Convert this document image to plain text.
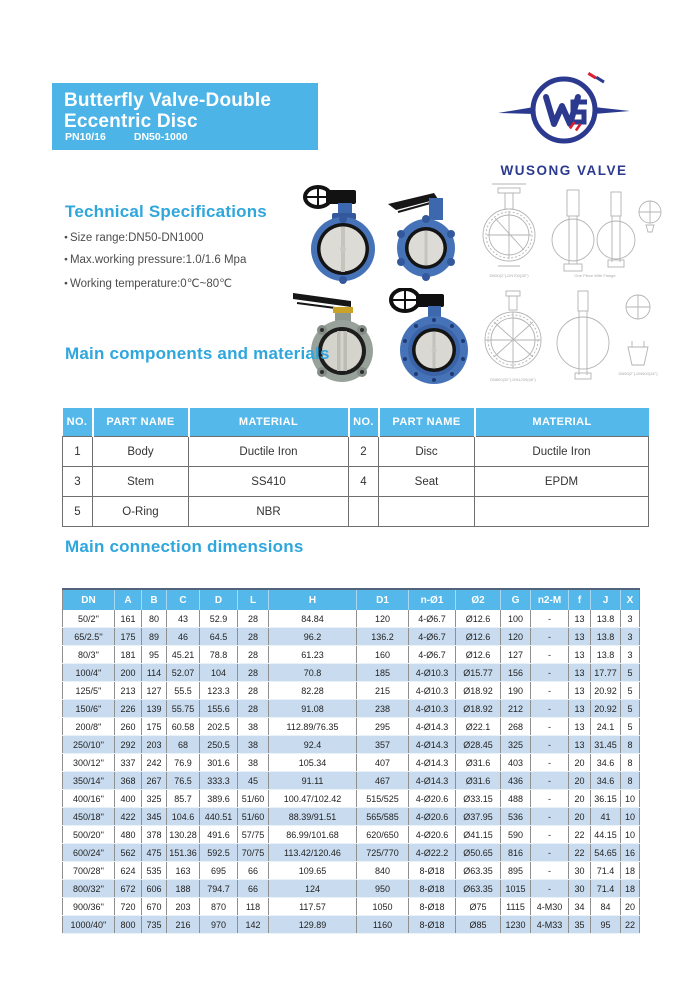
Butterfly Valve-Double
Eccentric Disc
PN10/16	DN50-1000
WUSONG VALVE
Technical Specifications
● Size range:DN50-DN1000
● Max.working pressure:1.0/1.6 Mpa
● Working temperature:0℃~80℃
DN50(2'')-DN700(28'')	One Piece With Flange
DN800(32'')-DN1200(48'')
DN50(2'')-DN600(24'')
Main components and materials
NO.	PART NAME	MATERIAL	NO.	PART NAME	MATERIAL
1	Body	Ductile Iron	2	Disc	Ductile Iron
3	Stem	SS410	4	Seat	EPDM
5	O-Ring	NBR			
Main connection dimensions
DN	A	B	C	D	L	H	D1	n-Ø1	Ø2	G	n2-M	f	J	X
50/2''	161	80	43	52.9	28	84.84	120	4-Ø6.7	Ø12.6	100	-	13	13.8	3
65/2.5''	175	89	46	64.5	28	96.2	136.2	4-Ø6.7	Ø12.6	120	-	13	13.8	3
80/3''	181	95	45.21	78.8	28	61.23	160	4-Ø6.7	Ø12.6	127	-	13	13.8	3
100/4''	200	114	52.07	104	28	70.8	185	4-Ø10.3	Ø15.77	156	-	13	17.77	5
125/5''	213	127	55.5	123.3	28	82.28	215	4-Ø10.3	Ø18.92	190	-	13	20.92	5
150/6''	226	139	55.75	155.6	28	91.08	238	4-Ø10.3	Ø18.92	212	-	13	20.92	5
200/8''	260	175	60.58	202.5	38	112.89/76.35	295	4-Ø14.3	Ø22.1	268	-	13	24.1	5
250/10''	292	203	68	250.5	38	92.4	357	4-Ø14.3	Ø28.45	325	-	13	31.45	8
300/12''	337	242	76.9	301.6	38	105.34	407	4-Ø14.3	Ø31.6	403	-	20	34.6	8
350/14''	368	267	76.5	333.3	45	91.11	467	4-Ø14.3	Ø31.6	436	-	20	34.6	8
400/16''	400	325	85.7	389.6	51/60	100.47/102.42	515/525	4-Ø20.6	Ø33.15	488	-	20	36.15	10
450/18''	422	345	104.6	440.51	51/60	88.39/91.51	565/585	4-Ø20.6	Ø37.95	536	-	20	41	10
500/20''	480	378	130.28	491.6	57/75	86.99/101.68	620/650	4-Ø20.6	Ø41.15	590	-	22	44.15	10
600/24''	562	475	151.36	592.5	70/75	113.42/120.46	725/770	4-Ø22.2	Ø50.65	816	-	22	54.65	16
700/28''	624	535	163	695	66	109.65	840	8-Ø18	Ø63.35	895	-	30	71.4	18
800/32''	672	606	188	794.7	66	124	950	8-Ø18	Ø63.35	1015	-	30	71.4	18
900/36''	720	670	203	870	118	117.57	1050	8-Ø18	Ø75	1115	4-M30	34	84	20
1000/40''	800	735	216	970	142	129.89	1160	8-Ø18	Ø85	1230	4-M33	35	95	22
